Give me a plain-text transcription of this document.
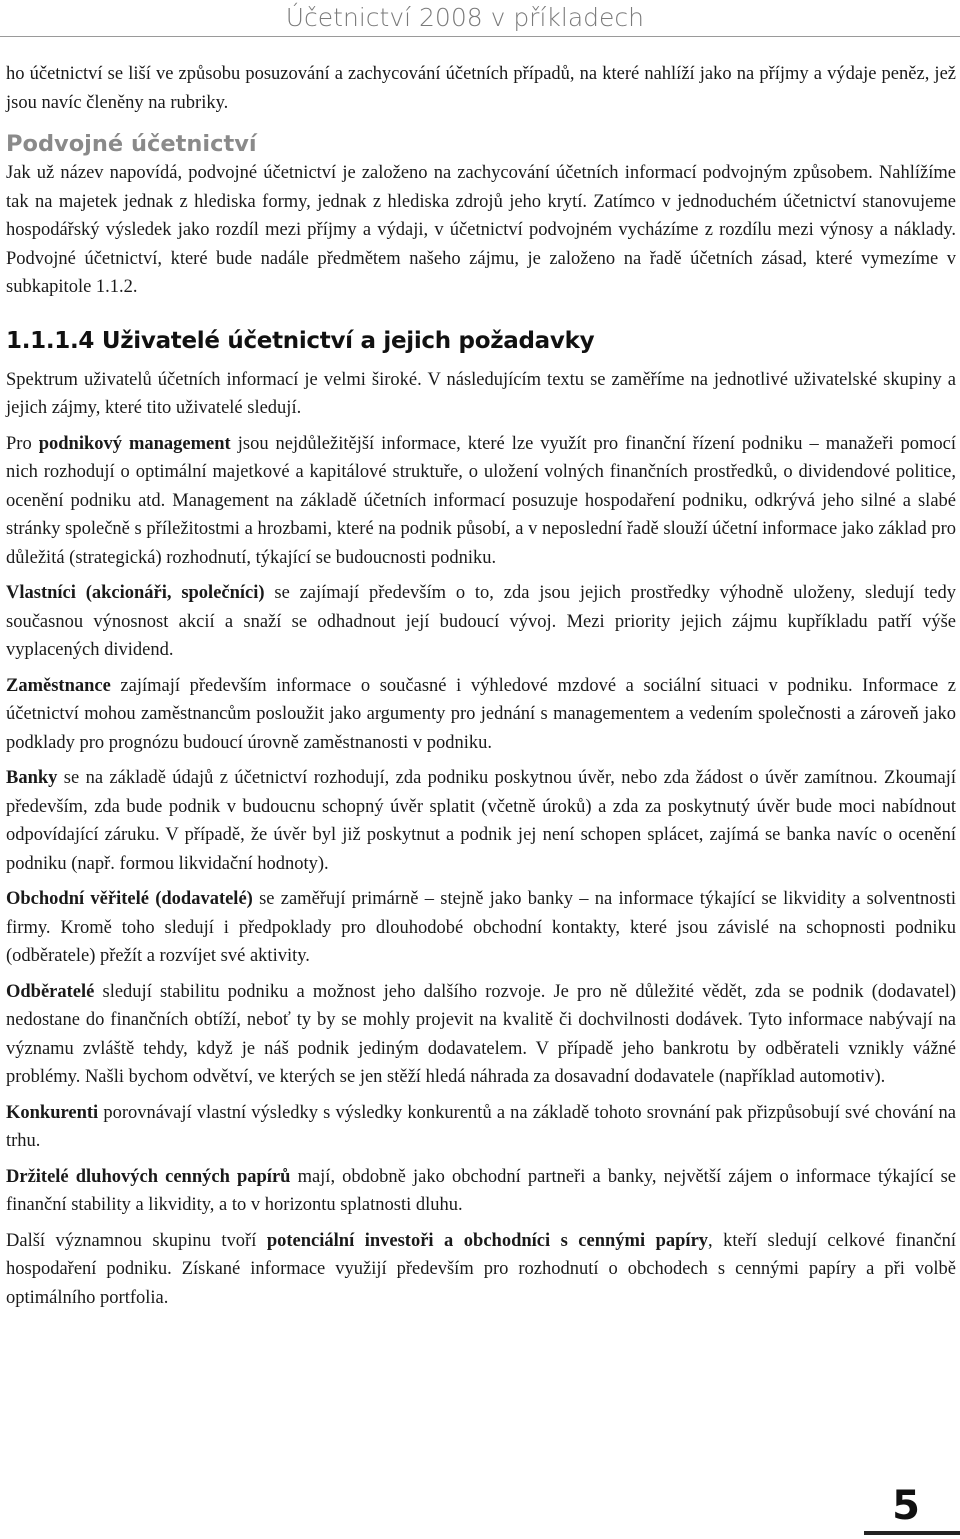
Účetnictví 2008 v příkladech

ho účetnictví se liší ve způsobu posuzování a zachycování účetních případů, na které nahlíží jako na příjmy a výdaje peněz, jež jsou navíc členěny na rubriky.

Podvojné účetnictví

Jak už název napovídá, podvojné účetnictví je založeno na zachycování účetních informací podvojným způsobem. Nahlížíme tak na majetek jednak z hlediska formy, jednak z hlediska zdrojů jeho krytí. Zatímco v jednoduchém účetnictví stanovujeme hospodářský výsledek jako rozdíl mezi příjmy a výdaji, v účetnictví podvojném vycházíme z rozdílu mezi výnosy a náklady. Podvojné účetnictví, které bude nadále předmětem našeho zájmu, je založeno na řadě účetních zásad, které vymezíme v subkapitole 1.1.2.

1.1.1.4 Uživatelé účetnictví a jejich požadavky

Spektrum uživatelů účetních informací je velmi široké. V následujícím textu se zaměříme na jednotlivé uživatelské skupiny a jejich zájmy, které tito uživatelé sledují.

Pro podnikový management jsou nejdůležitější informace, které lze využít pro finanční řízení podniku – manažeři pomocí nich rozhodují o optimální majetkové a kapitálové struktuře, o uložení volných finančních prostředků, o dividendové politice, ocenění podniku atd. Management na základě účetních informací posuzuje hospodaření podniku, odkrývá jeho silné a slabé stránky společně s příležitostmi a hrozbami, které na podnik působí, a v neposlední řadě slouží účetní informace jako základ pro důležitá (strategická) rozhodnutí, týkající se budoucnosti podniku.

Vlastníci (akcionáři, společníci) se zajímají především o to, zda jsou jejich prostředky výhodně uloženy, sledují tedy současnou výnosnost akcií a snaží se odhadnout její budoucí vývoj. Mezi priority jejich zájmu kupříkladu patří výše vyplacených dividend.

Zaměstnance zajímají především informace o současné i výhledové mzdové a sociální situaci v podniku. Informace z účetnictví mohou zaměstnancům posloužit jako argumenty pro jednání s managementem a vedením společnosti a zároveň jako podklady pro prognózu budoucí úrovně zaměstnanosti v podniku.

Banky se na základě údajů z účetnictví rozhodují, zda podniku poskytnou úvěr, nebo zda žádost o úvěr zamítnou. Zkoumají především, zda bude podnik v budoucnu schopný úvěr splatit (včetně úroků) a zda za poskytnutý úvěr bude moci nabídnout odpovídající záruku. V případě, že úvěr byl již poskytnut a podnik jej není schopen splácet, zajímá se banka navíc o ocenění podniku (např. formou likvidační hodnoty).

Obchodní věřitelé (dodavatelé) se zaměřují primárně – stejně jako banky – na informace týkající se likvidity a solventnosti firmy. Kromě toho sledují i předpoklady pro dlouhodobé obchodní kontakty, které jsou závislé na schopnosti podniku (odběratele) přežít a rozvíjet své aktivity.

Odběratelé sledují stabilitu podniku a možnost jeho dalšího rozvoje. Je pro ně důležité vědět, zda se podnik (dodavatel) nedostane do finančních obtíží, neboť ty by se mohly projevit na kvalitě či dochvilnosti dodávek. Tyto informace nabývají na významu zvláště tehdy, když je náš podnik jediným dodavatelem. V případě jeho bankrotu by odběrateli vznikly vážné problémy. Našli bychom odvětví, ve kterých se jen stěží hledá náhrada za dosavadní dodavatele (například automotiv).

Konkurenti porovnávají vlastní výsledky s výsledky konkurentů a na základě tohoto srovnání pak přizpůsobují své chování na trhu.

Držitelé dluhových cenných papírů mají, obdobně jako obchodní partneři a banky, největší zájem o informace týkající se finanční stability a likvidity, a to v horizontu splatnosti dluhu.

Další významnou skupinu tvoří potenciální investoři a obchodníci s cennými papíry, kteří sledují celkové finanční hospodaření podniku. Získané informace využijí především pro rozhodnutí o obchodech s cennými papíry a při volbě optimálního portfolia.

5
